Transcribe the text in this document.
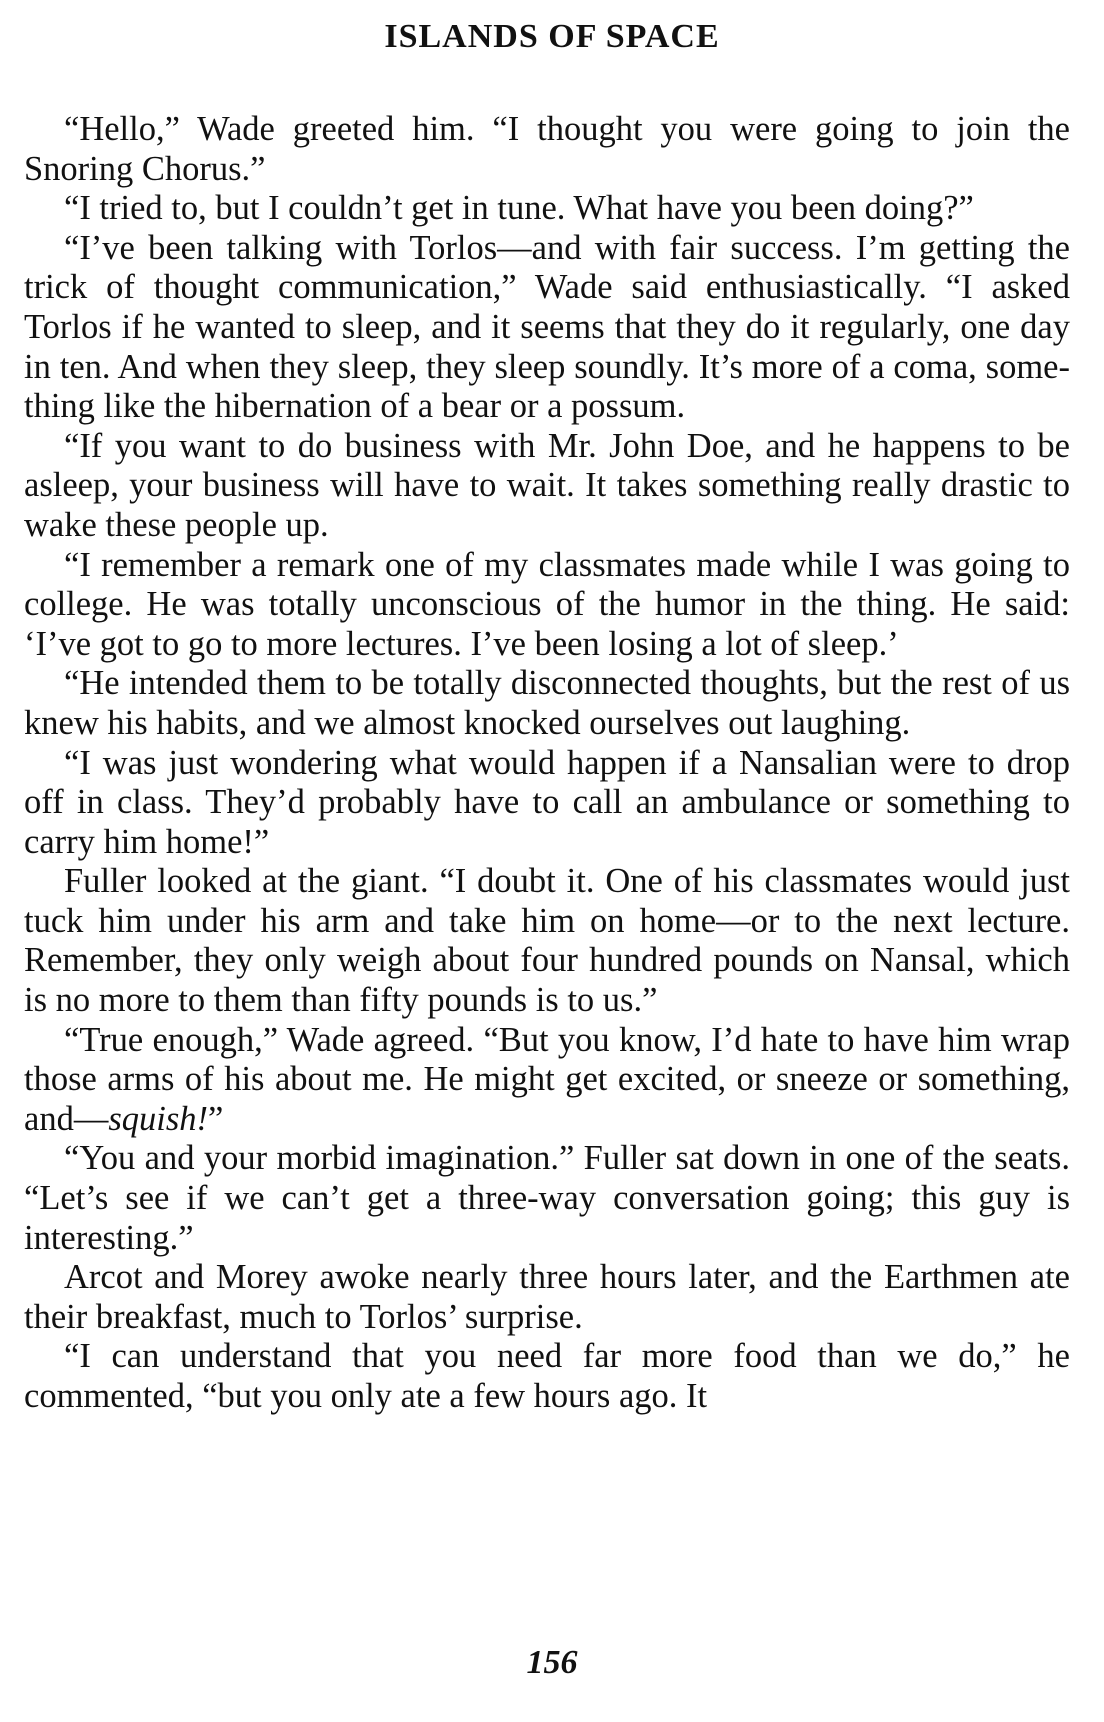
ISLANDS OF SPACE

“Hello,” Wade greeted him. “I thought you were going to join the Snoring Chorus.”

“I tried to, but I couldn’t get in tune. What have you been doing?”

“I’ve been talking with Torlos—and with fair success. I’m getting the trick of thought communication,” Wade said enthusiastically. “I asked Torlos if he wanted to sleep, and it seems that they do it regularly, one day in ten. And when they sleep, they sleep soundly. It’s more of a coma, something like the hibernation of a bear or a possum.

“If you want to do business with Mr. John Doe, and he happens to be asleep, your business will have to wait. It takes something really drastic to wake these people up.

“I remember a remark one of my classmates made while I was going to college. He was totally unconscious of the humor in the thing. He said: ‘I’ve got to go to more lectures. I’ve been losing a lot of sleep.’

“He intended them to be totally disconnected thoughts, but the rest of us knew his habits, and we almost knocked ourselves out laughing.

“I was just wondering what would happen if a Nansalian were to drop off in class. They’d probably have to call an ambulance or something to carry him home!”

Fuller looked at the giant. “I doubt it. One of his classmates would just tuck him under his arm and take him on home—or to the next lecture. Remember, they only weigh about four hundred pounds on Nansal, which is no more to them than fifty pounds is to us.”

“True enough,” Wade agreed. “But you know, I’d hate to have him wrap those arms of his about me. He might get excited, or sneeze or something, and—squish!”

“You and your morbid imagination.” Fuller sat down in one of the seats. “Let’s see if we can’t get a three-way conversation going; this guy is interesting.”

Arcot and Morey awoke nearly three hours later, and the Earthmen ate their breakfast, much to Torlos’ surprise.

“I can understand that you need far more food than we do,” he commented, “but you only ate a few hours ago. It

156
